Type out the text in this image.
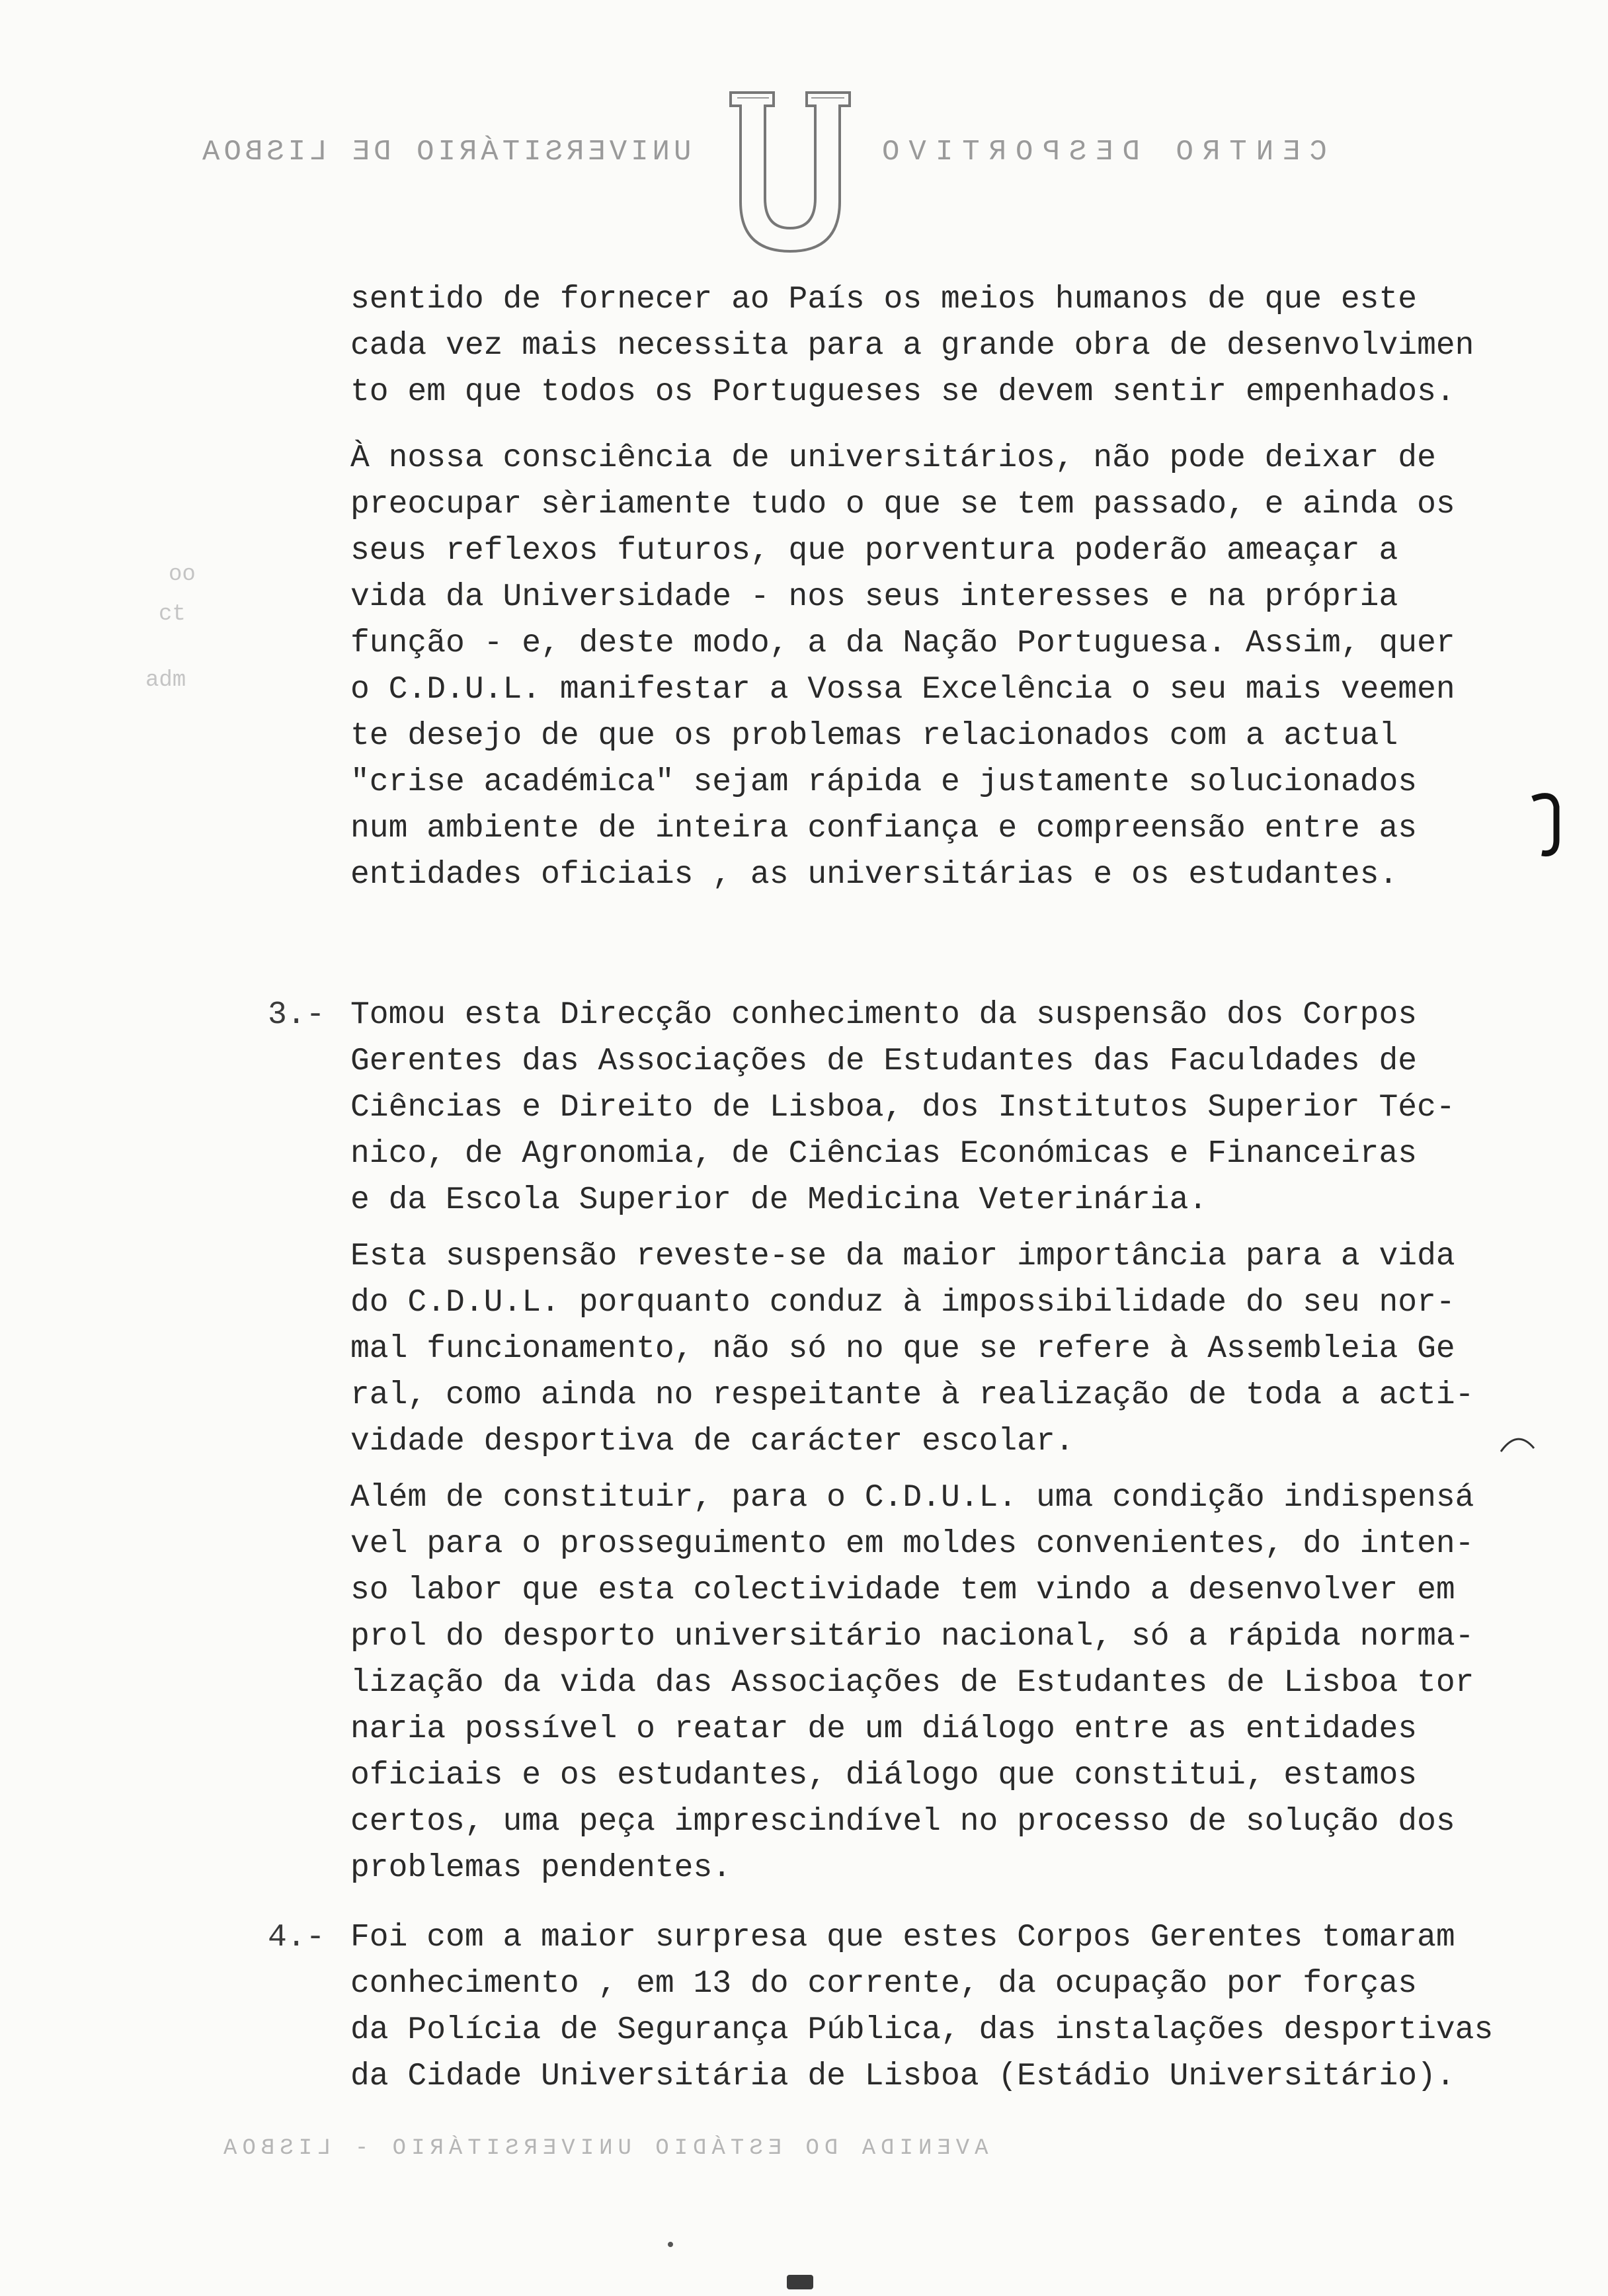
UNIVERSITÁRIO DE LISBOA	CENTRO DESPORTIVO
oo
ct
adm
sentido de fornecer ao País os meios humanos de que este
cada vez mais necessita para a grande obra de desenvolvimen
to em que todos os Portugueses se devem sentir empenhados.
À nossa consciência de universitários, não pode deixar de
preocupar sèriamente tudo o que se tem passado, e ainda os
seus reflexos futuros, que porventura poderão ameaçar a
vida da Universidade - nos seus interesses e na própria
função - e, deste modo, a da Nação Portuguesa. Assim, quer
o C.D.U.L. manifestar a Vossa Excelência o seu mais veemen
te desejo de que os problemas relacionados com a actual
"crise académica" sejam rápida e justamente solucionados
num ambiente de inteira confiança e compreensão entre as
entidades oficiais , as universitárias e os estudantes.
3.- Tomou esta Direcção conhecimento da suspensão dos Corpos
Gerentes das Associações de Estudantes das Faculdades de
Ciências e Direito de Lisboa, dos Institutos Superior Téc-
nico, de Agronomia, de Ciências Económicas e Financeiras
e da Escola Superior de Medicina Veterinária.
Esta suspensão reveste-se da maior importância para a vida
do C.D.U.L. porquanto conduz à impossibilidade do seu nor-
mal funcionamento, não só no que se refere à Assembleia Ge
ral, como ainda no respeitante à realização de toda a acti-
vidade desportiva de carácter escolar.
Além de constituir, para o C.D.U.L. uma condição indispensá
vel para o prosseguimento em moldes convenientes, do inten-
so labor que esta colectividade tem vindo a desenvolver em
prol do desporto universitário nacional, só a rápida norma-
lização da vida das Associações de Estudantes de Lisboa tor
naria possível o reatar de um diálogo entre as entidades
oficiais e os estudantes, diálogo que constitui, estamos
certos, uma peça imprescindível no processo de solução dos
problemas pendentes.
4.- Foi com a maior surpresa que estes Corpos Gerentes tomaram
conhecimento , em 13 do corrente, da ocupação por forças
da Polícia de Segurança Pública, das instalações desportivas
da Cidade Universitária de Lisboa (Estádio Universitário).
AVENIDA DO ESTÁDIO UNIVERSITÁRIO - LISBOA
